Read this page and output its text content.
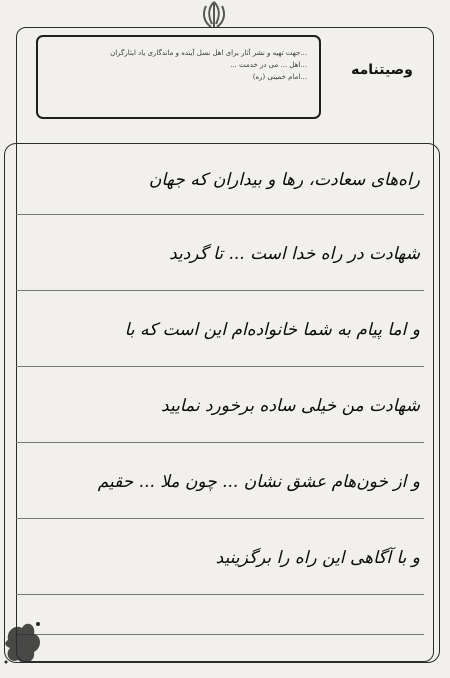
...جهت تهیه و نشر آثار برای اهل نسل آینده و ماندگاری یاد ایثارگران
...اهل ... می در خدمت ...
...امام خمینی (ره)	وصیتنامه
راه‌های سعادت، رها و بیداران که جهان
شهادت در راه خدا است ... تا گردید
و اما پیام به شما خانواده‌ام این است که با
شهادت من خیلی ساده برخورد نمایید
و از خون‌هام عشق نشان ... چون ملا ... حقیم
و با آگاهی این راه را برگزینید
